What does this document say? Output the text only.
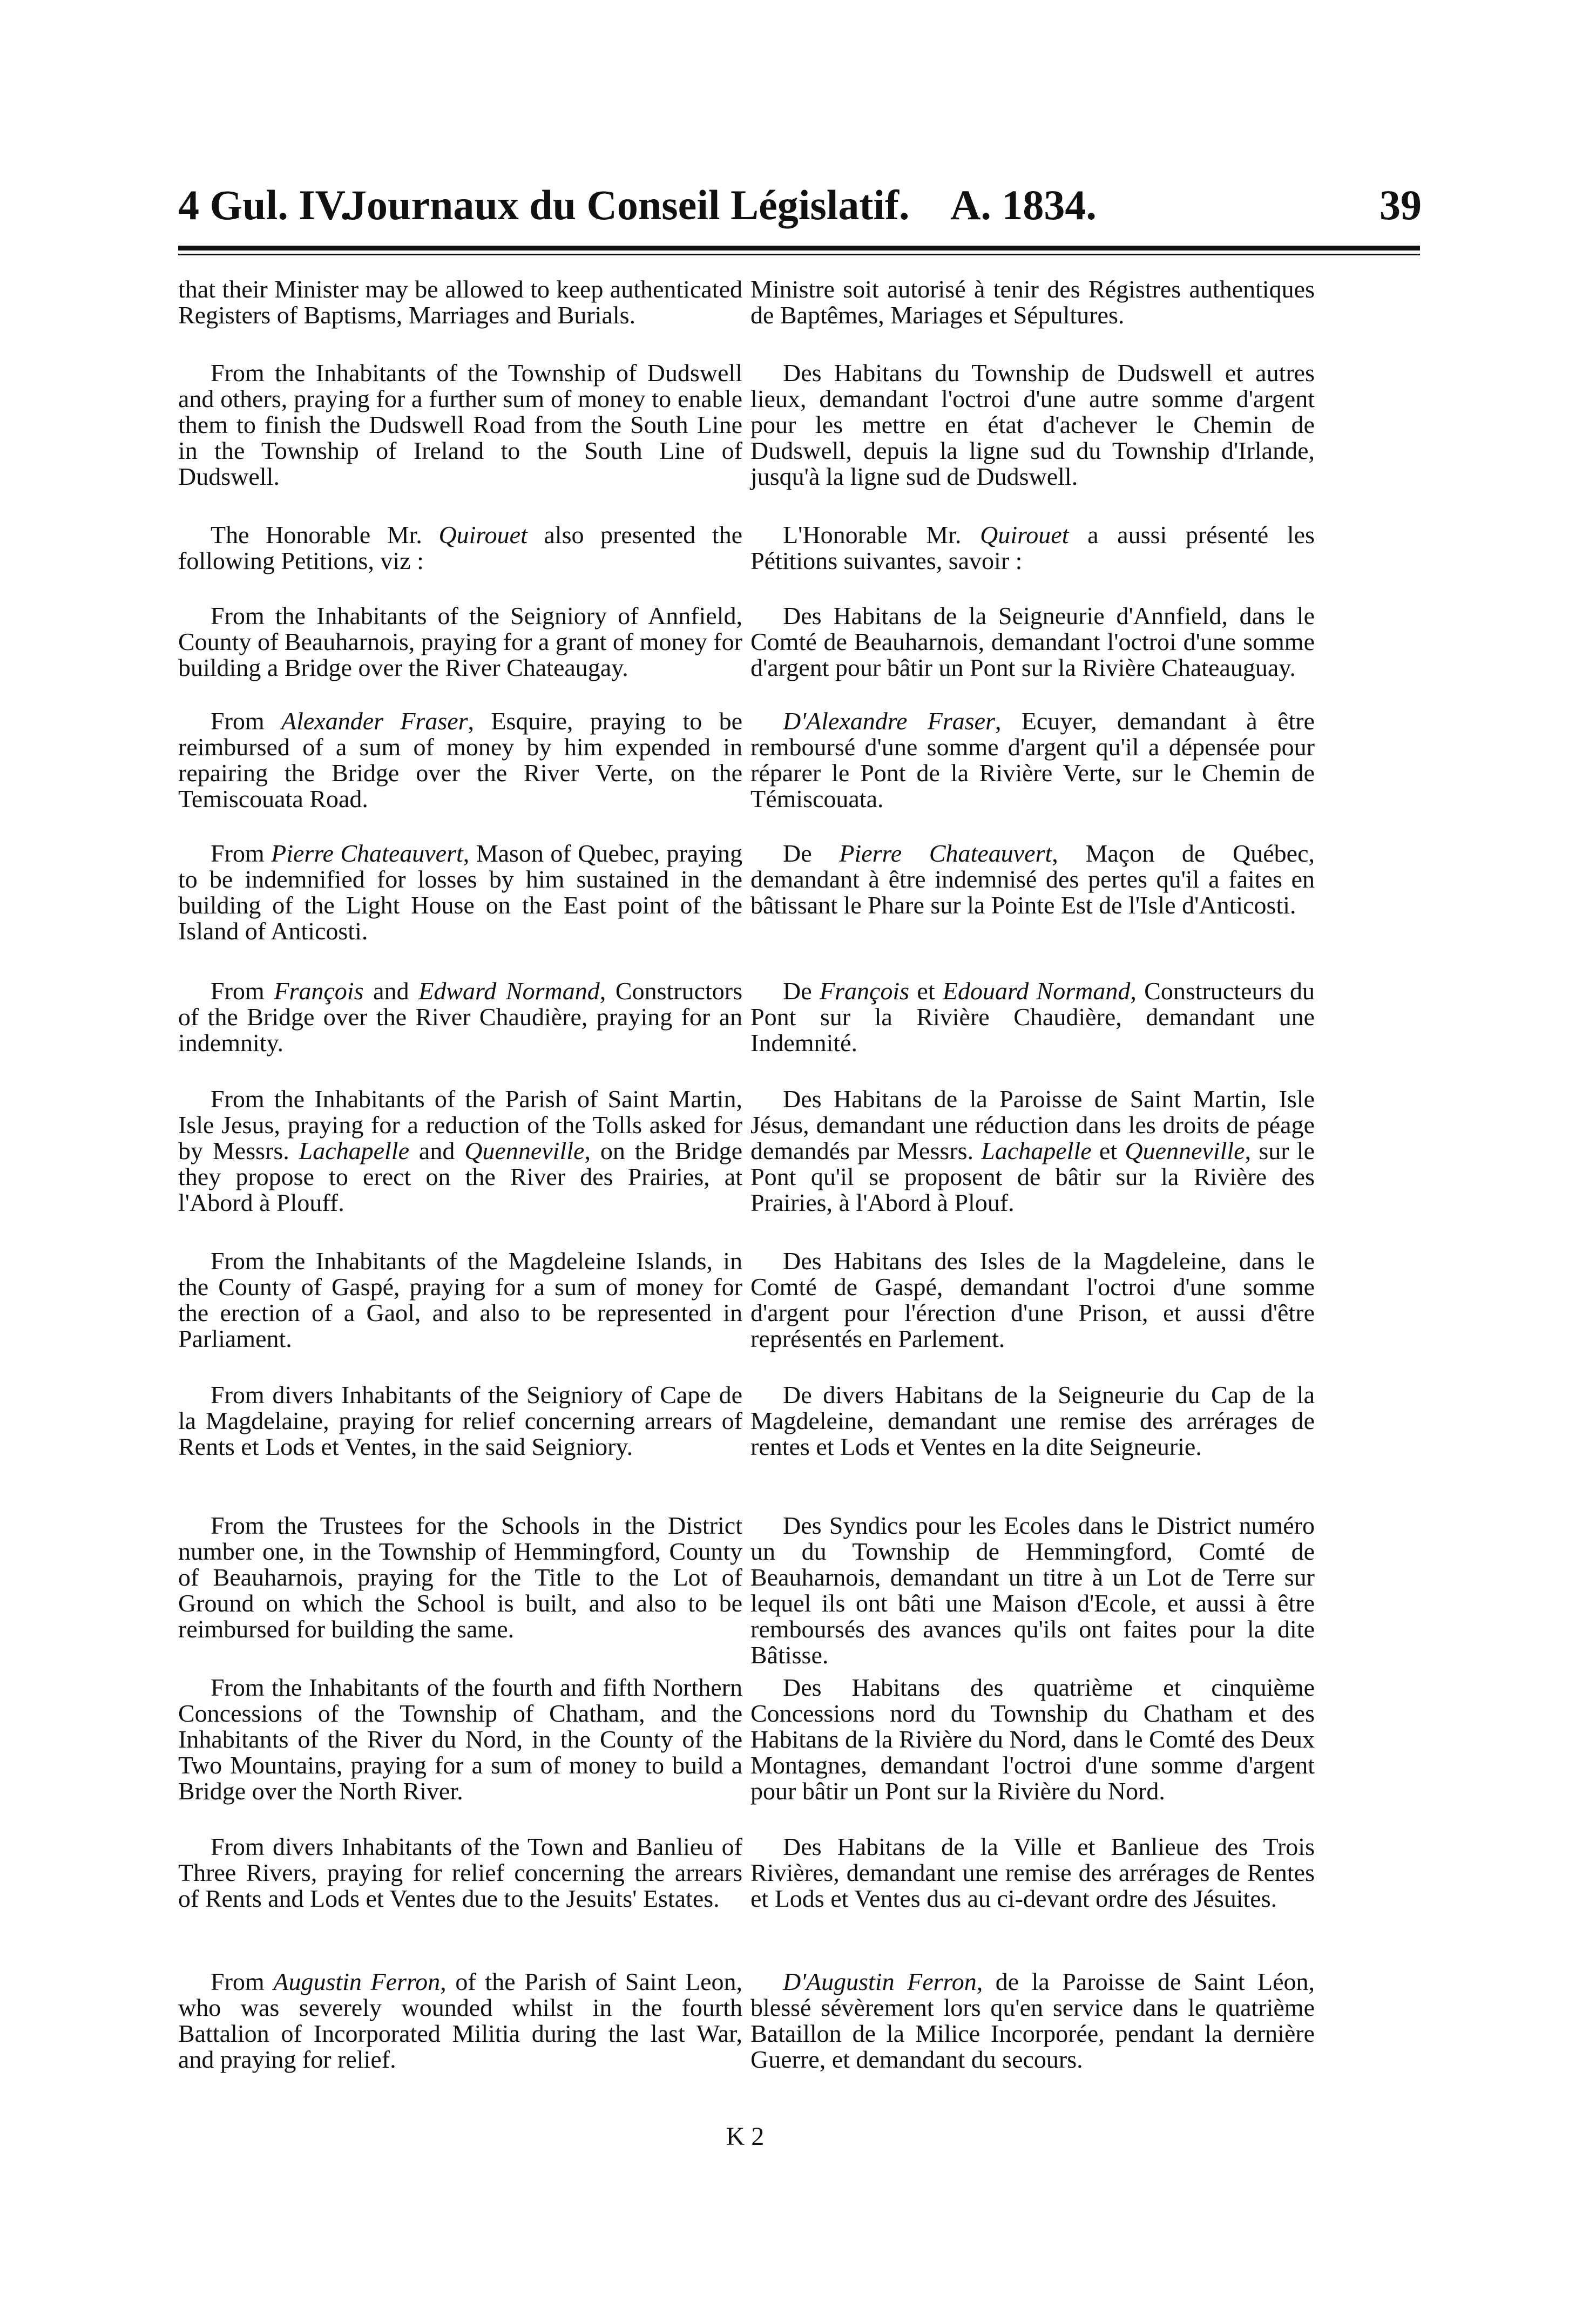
4 Gul. IV.
Journaux du Conseil Législatif. A. 1834.	39

that their Minister may be allowed to keep authenticated Registers of Baptisms, Marriages and Burials.

From the Inhabitants of the Township of Dudswell and others, praying for a further sum of money to enable them to finish the Dudswell Road from the South Line in the Township of Ireland to the South Line of Dudswell.

The Honorable Mr. Quirouet also presented the following Petitions, viz :

From the Inhabitants of the Seigniory of Annfield, County of Beauharnois, praying for a grant of money for building a Bridge over the River Chateaugay.

From Alexander Fraser, Esquire, praying to be reimbursed of a sum of money by him expended in repairing the Bridge over the River Verte, on the Temiscouata Road.

From Pierre Chateauvert, Mason of Quebec, praying to be indemnified for losses by him sustained in the building of the Light House on the East point of the Island of Anticosti.

From François and Edward Normand, Constructors of the Bridge over the River Chaudière, praying for an indemnity.

From the Inhabitants of the Parish of Saint Martin, Isle Jesus, praying for a reduction of the Tolls asked for by Messrs. Lachapelle and Quenneville, on the Bridge they propose to erect on the River des Prairies, at l'Abord à Plouff.

From the Inhabitants of the Magdeleine Islands, in the County of Gaspé, praying for a sum of money for the erection of a Gaol, and also to be represented in Parliament.

From divers Inhabitants of the Seigniory of Cape de la Magdelaine, praying for relief concerning arrears of Rents et Lods et Ventes, in the said Seigniory.

From the Trustees for the Schools in the District number one, in the Township of Hemmingford, County of Beauharnois, praying for the Title to the Lot of Ground on which the School is built, and also to be reimbursed for building the same.

From the Inhabitants of the fourth and fifth Northern Concessions of the Township of Chatham, and the Inhabitants of the River du Nord, in the County of the Two Mountains, praying for a sum of money to build a Bridge over the North River.

From divers Inhabitants of the Town and Banlieu of Three Rivers, praying for relief concerning the arrears of Rents and Lods et Ventes due to the Jesuits' Estates.

From Augustin Ferron, of the Parish of Saint Leon, who was severely wounded whilst in the fourth Battalion of Incorporated Militia during the last War, and praying for relief.

Ministre soit autorisé à tenir des Régistres authentiques de Baptêmes, Mariages et Sépultures.

Des Habitans du Township de Dudswell et autres lieux, demandant l'octroi d'une autre somme d'argent pour les mettre en état d'achever le Chemin de Dudswell, depuis la ligne sud du Township d'Irlande, jusqu'à la ligne sud de Dudswell.

L'Honorable Mr. Quirouet a aussi présenté les Pétitions suivantes, savoir :

Des Habitans de la Seigneurie d'Annfield, dans le Comté de Beauharnois, demandant l'octroi d'une somme d'argent pour bâtir un Pont sur la Rivière Chateauguay.

D'Alexandre Fraser, Ecuyer, demandant à être remboursé d'une somme d'argent qu'il a dépensée pour réparer le Pont de la Rivière Verte, sur le Chemin de Témiscouata.

De Pierre Chateauvert, Maçon de Québec, demandant à être indemnisé des pertes qu'il a faites en bâtissant le Phare sur la Pointe Est de l'Isle d'Anticosti.

De François et Edouard Normand, Constructeurs du Pont sur la Rivière Chaudière, demandant une Indemnité.

Des Habitans de la Paroisse de Saint Martin, Isle Jésus, demandant une réduction dans les droits de péage demandés par Messrs. Lachapelle et Quenneville, sur le Pont qu'il se proposent de bâtir sur la Rivière des Prairies, à l'Abord à Plouf.

Des Habitans des Isles de la Magdeleine, dans le Comté de Gaspé, demandant l'octroi d'une somme d'argent pour l'érection d'une Prison, et aussi d'être représentés en Parlement.

De divers Habitans de la Seigneurie du Cap de la Magdeleine, demandant une remise des arrérages de rentes et Lods et Ventes en la dite Seigneurie.

Des Syndics pour les Ecoles dans le District numéro un du Township de Hemmingford, Comté de Beauharnois, demandant un titre à un Lot de Terre sur lequel ils ont bâti une Maison d'Ecole, et aussi à être remboursés des avances qu'ils ont faites pour la dite Bâtisse.

Des Habitans des quatrième et cinquième Concessions nord du Township du Chatham et des Habitans de la Rivière du Nord, dans le Comté des Deux Montagnes, demandant l'octroi d'une somme d'argent pour bâtir un Pont sur la Rivière du Nord.

Des Habitans de la Ville et Banlieue des Trois Rivières, demandant une remise des arrérages de Rentes et Lods et Ventes dus au ci-devant ordre des Jésuites.

D'Augustin Ferron, de la Paroisse de Saint Léon, blessé sévèrement lors qu'en service dans le quatrième Bataillon de la Milice Incorporée, pendant la dernière Guerre, et demandant du secours.

K 2
